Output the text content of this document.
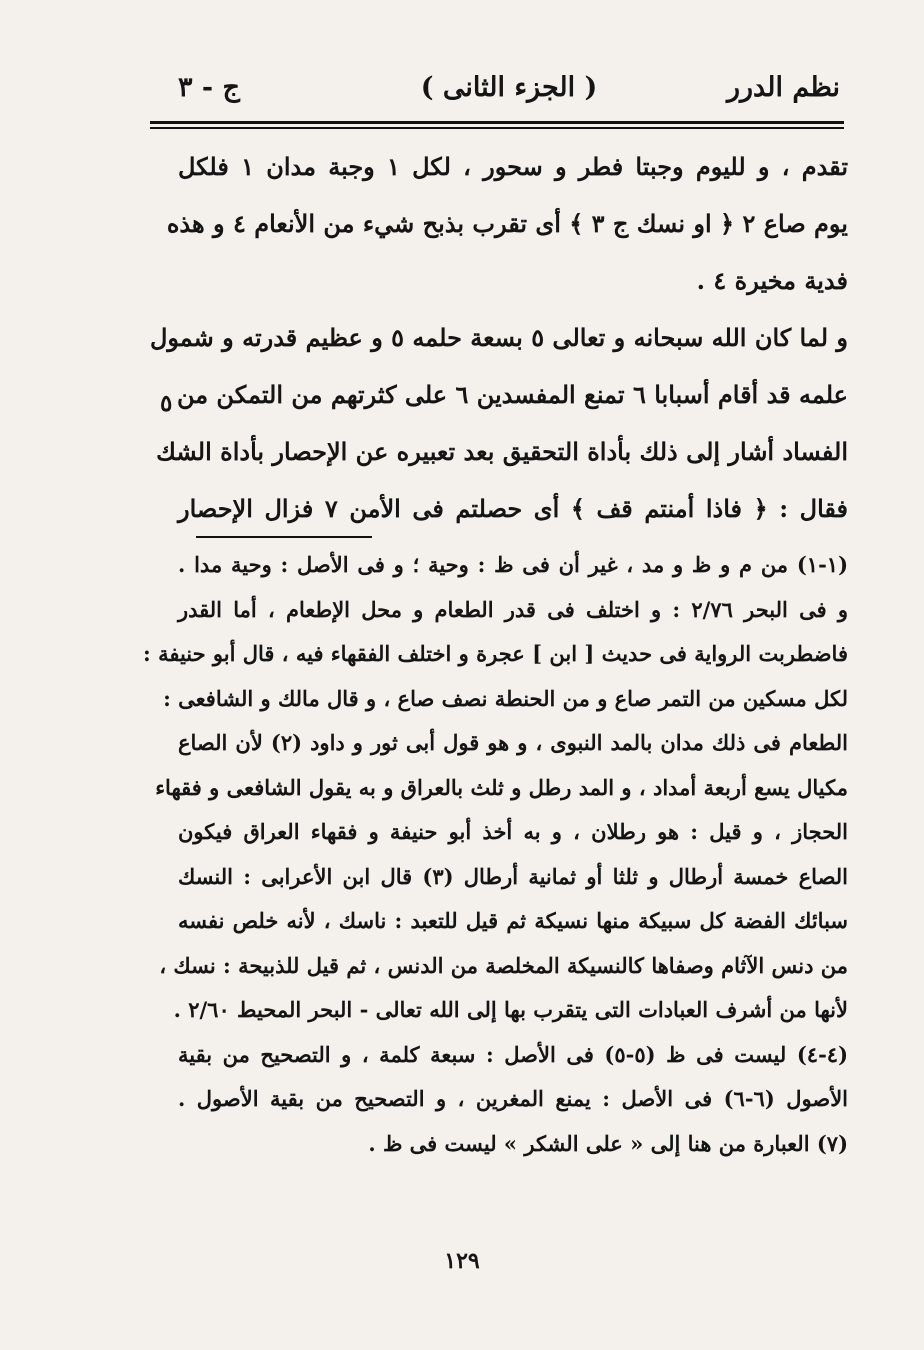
نظم الدرر
( الجزء الثانى )
ج - ٣
تقدم ، و لليوم وجبتا فطر و سحور ، لكل ١ وجبة مدان ١ فلكل
يوم صاع ٢ ﴿ او نسك ج ٣ ﴾ أى تقرب بذبح شيء من الأنعام ٤ و هذه
فدية مخيرة ٤ .
و لما كان الله سبحانه و تعالى ٥ بسعة حلمه ٥ و عظيم قدرته و شمول
علمه قد أقام أسبابا ٦ تمنع المفسدين ٦ على كثرتهم من التمكن من
الفساد أشار إلى ذلك بأداة التحقيق بعد تعبيره عن الإحصار بأداة الشك
فقال : ﴿ فاذا أمنتم قف ﴾ أى حصلتم فى الأمن ٧ فزال الإحصار
٥
(١-١) من م و ظ و مد ، غير أن فى ظ : وحية ؛ و فى الأصل : وحية مدا .
و فى البحر ٢/٧٦ : و اختلف فى قدر الطعام و محل الإطعام ، أما القدر
فاضطربت الرواية فى حديث [ ابن ] عجرة و اختلف الفقهاء فيه ، قال أبو حنيفة :
لكل مسكين من التمر صاع و من الحنطة نصف صاع ، و قال مالك و الشافعى :
الطعام فى ذلك مدان بالمد النبوى ، و هو قول أبى ثور و داود (٢) لأن الصاع
مكيال يسع أربعة أمداد ، و المد رطل و ثلث بالعراق و به يقول الشافعى و فقهاء
الحجاز ، و قيل : هو رطلان ، و به أخذ أبو حنيفة و فقهاء العراق فيكون
الصاع خمسة أرطال و ثلثا أو ثمانية أرطال (٣) قال ابن الأعرابى : النسك
سبائك الفضة كل سبيكة منها نسيكة ثم قيل للتعبد : ناسك ، لأنه خلص نفسه
من دنس الآثام وصفاها كالنسيكة المخلصة من الدنس ، ثم قيل للذبيحة : نسك ،
لأنها من أشرف العبادات التى يتقرب بها إلى الله تعالى - البحر المحيط ٢/٦٠ .
(٤-٤) ليست فى ظ (٥-٥) فى الأصل : سبعة كلمة ، و التصحيح من بقية
الأصول (٦-٦) فى الأصل : يمنع المغرين ، و التصحيح من بقية الأصول .
(٧) العبارة من هنا إلى « على الشكر » ليست فى ظ .
١٢٩
